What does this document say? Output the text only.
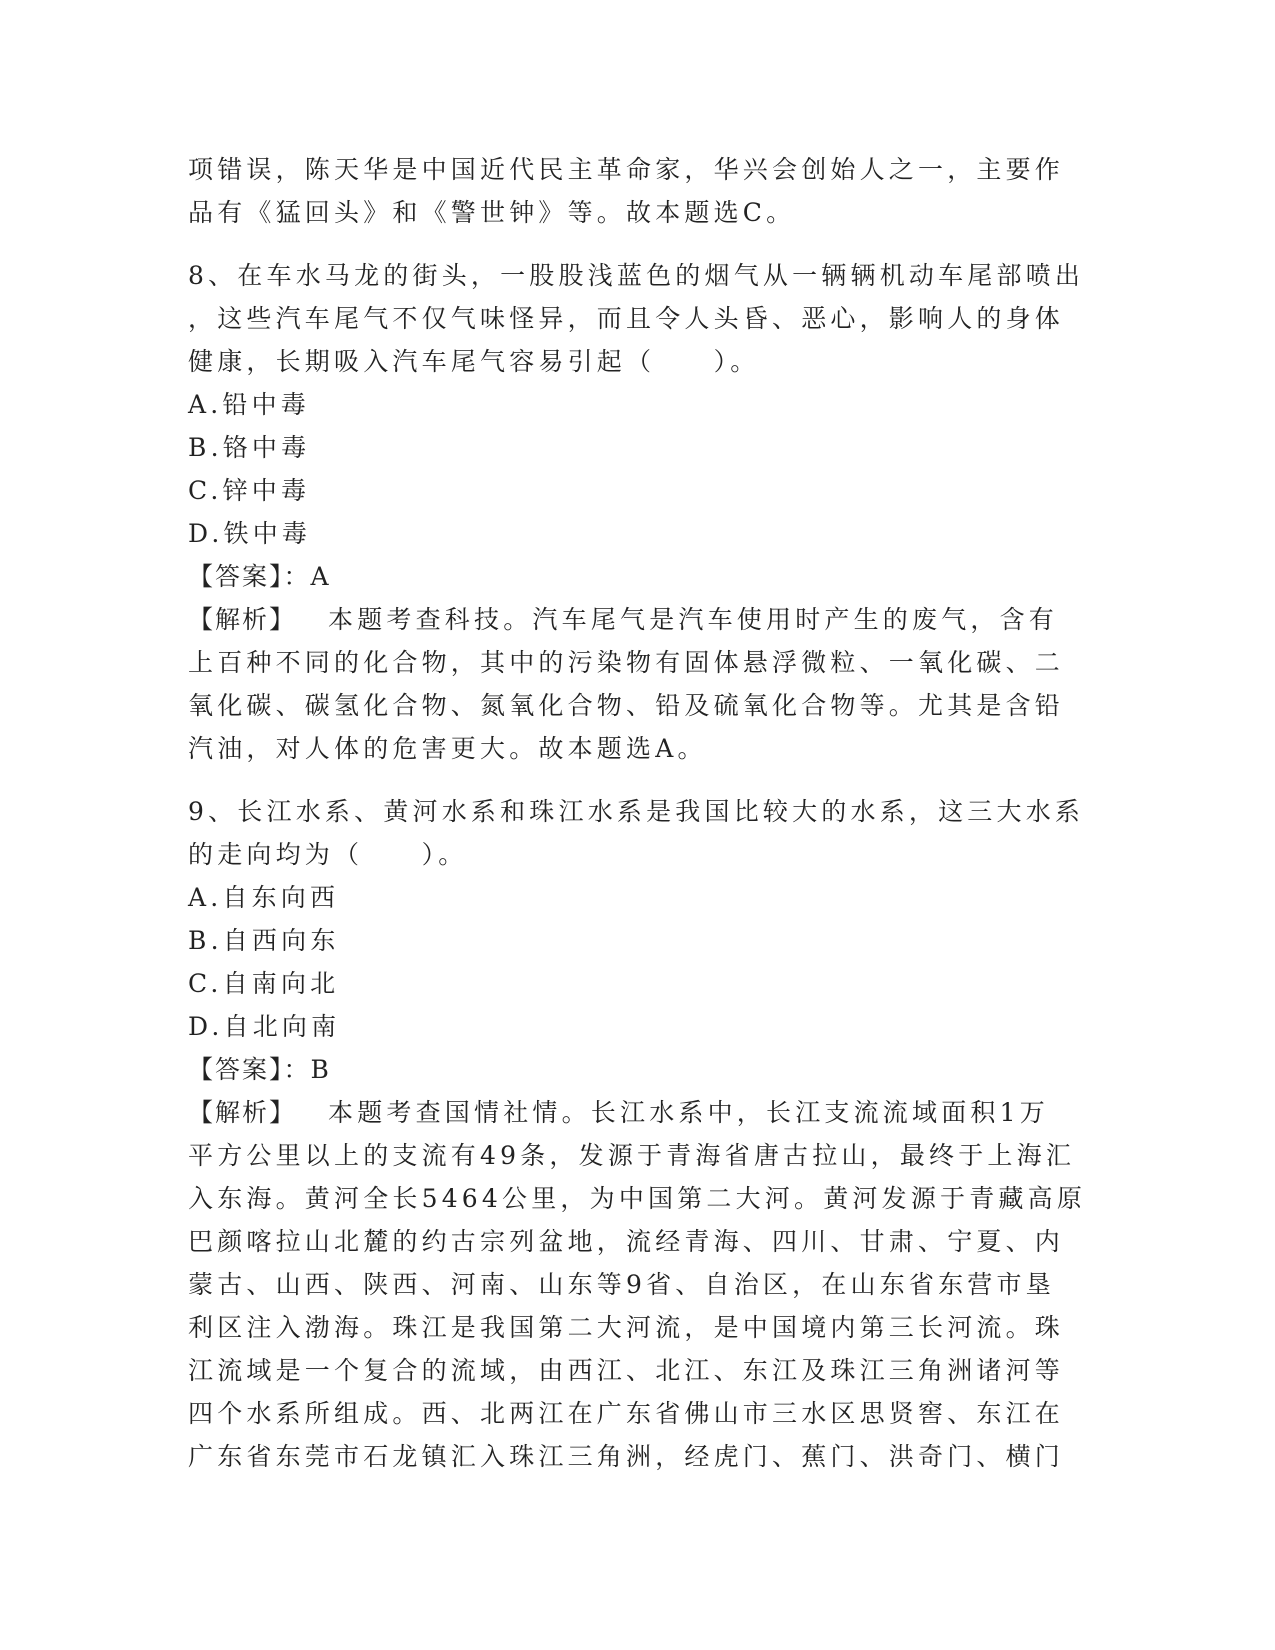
项错误，陈天华是中国近代民主革命家，华兴会创始人之一，主要作
品有《猛回头》和《警世钟》等。故本题选C。
8、在车水马龙的街头，一股股浅蓝色的烟气从一辆辆机动车尾部喷出
，这些汽车尾气不仅气味怪异，而且令人头昏、恶心，影响人的身体
健康，长期吸入汽车尾气容易引起（　　）。
A.铅中毒
B.铬中毒
C.锌中毒
D.铁中毒
【答案】：A
【解析】 本题考查科技。汽车尾气是汽车使用时产生的废气，含有
上百种不同的化合物，其中的污染物有固体悬浮微粒、一氧化碳、二
氧化碳、碳氢化合物、氮氧化合物、铅及硫氧化合物等。尤其是含铅
汽油，对人体的危害更大。故本题选A。
9、长江水系、黄河水系和珠江水系是我国比较大的水系，这三大水系
的走向均为（　　）。
A.自东向西
B.自西向东
C.自南向北
D.自北向南
【答案】：B
【解析】 本题考查国情社情。长江水系中，长江支流流域面积1万
平方公里以上的支流有49条，发源于青海省唐古拉山，最终于上海汇
入东海。黄河全长5464公里，为中国第二大河。黄河发源于青藏高原
巴颜喀拉山北麓的约古宗列盆地，流经青海、四川、甘肃、宁夏、内
蒙古、山西、陕西、河南、山东等9省、自治区，在山东省东营市垦
利区注入渤海。珠江是我国第二大河流，是中国境内第三长河流。珠
江流域是一个复合的流域，由西江、北江、东江及珠江三角洲诸河等
四个水系所组成。西、北两江在广东省佛山市三水区思贤窖、东江在
广东省东莞市石龙镇汇入珠江三角洲，经虎门、蕉门、洪奇门、横门
